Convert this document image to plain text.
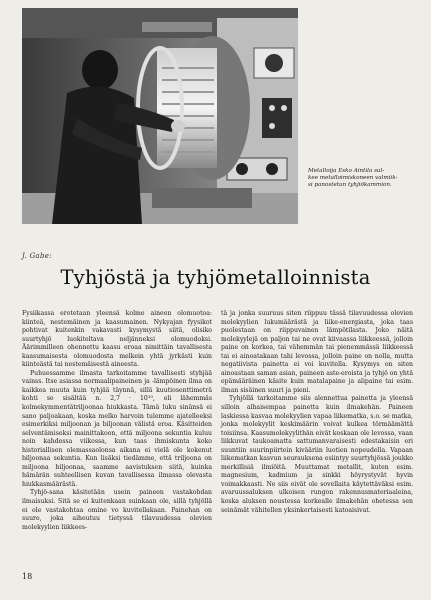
Metalloija Esko Aintila sul-
kee metalloimiskoneen valmiik-
si panostetun tyhjiökammion.
J. Gabe:
Tyhjöstä ja tyhjömetalloinnista

Fysiikassa erotetaan yleensä kolme aineen olomuotoa: kiinteä, nestemäinen ja kaasumainen. Nykyajan fyysikot pohtivat kuitenkin vakavasti kysymystä siitä, olisiko suurtyhjö luokiteltava neljänneksi olomuodoksi. Äärimmilleen ohennettu kaasu eroaa nimittäin tavallisesta kaasumaisesta olomuodosta melkein yhtä jyrkästi kuin kiinteästä tai nestemäisestä aineesta.

Puhuessamme ilmasta tarkoitamme tavallisesti styhjää vainss. Itse asiassa normaalipaineinen ja -lämpöinen ilma on kaikkea muuta kuin tyhjää täynnä, sillä kuutiosenttimeträ kohti se sisältää n. 2,7 · 10¹⁹, eli lähemmäs kolmekymmentätriljoonaa hiukkasta. Tämä luku sinänsä ei sano paljoakaan, koska melko harvoin tulemme ajatelleeksi esimerkiksi miljoonan ja biljoonan välistä eroa. Käsitteiden selventämiseksi mainittakoon, että miljoona sekuntia kuluu noin kahdessa viikossa, kun taas ihmiskunta koko historiallisen olemassaolonsa aikana ei vielä ole kokenut biljoonaa sekuntia. Kun lisäksi tiedämme, että triljoona on miljoona biljoonaa, saamme aavistuksen siitä, kuinka hämärän suhteellisen kuvan tavallisessa ilmassa olevasta hiukkasmäärästä.

Tyhjö-sana käsitetään usein paineen vastakohdan ilmaisuksi. Sitä se ei kuitenkaan suinkaan ole, sillä tyhjöllä ei ole vastakohtaa omine vo kuvitellakaan. Painehan on suure, joka aiheutuu tietyssä tilavuudessa olevien molekyylien liikkees-

tä ja jonka suuruus siten riippuu tässä tilavuudessa olevien molekyylien lukumäärästä ja liike-energiasta, joka taas puolestaan on riippuvainen lämpötilasta. Joko näitä molekyylejä on paljon tai ne ovat kiivaassa liikkeessä, jolloin paine on korkea, tai vähemmän tai pienemmässä liikkeessä tai ei ainoatakaan tahi levossa, jolloin paine on nolla, mutta negatiivista painetta ei voi kuvitella. Kysymys on siten ainoastaan saman asian, paineen aste-eroista ja tyhjö on yhtä epämääräinen käsite kuin matalapaine ja alipaine tai esim. ilman sisäinen suuri ja pieni.

Tyhjöllä tarkoitamme siis alennettua painetta ja yleensä silloin alhaisempaa painetta kuin ilmakehän. Paineen laskiessa kasvaa molekyylien vapaa liikematka, s.o. se matka, jonka molekyylit keskimäärin voivat kulkea törmäämättä toisiinsa. Kaasumolekyylithän eivät koskaan ole levossa, vaan liikkuvat taukoamatta sattumanvaraisesti edestakaisin eri suuntiin suurinpiirtein kivääriin luotien nopeudella. Vapaan liikematkan kasvun seurauksena esiintyy suurtyhjössä joukko merkillisiä ilmiöitä. Muuttamat metallit, kuten esim. magnesium, kadmium ja sinkki höyrystyvät hyvin voimakkaasti. Ne siis eivät ole sovellaita käytettäväksi esim. avaruussaluksen ulkoisen rungon rakennusmateriaaleina, koska aluksen noustessa korkealle ilmakehän ohetessa sen seinämät vähitellen yksinkertaisesti katoaisivat.

18
